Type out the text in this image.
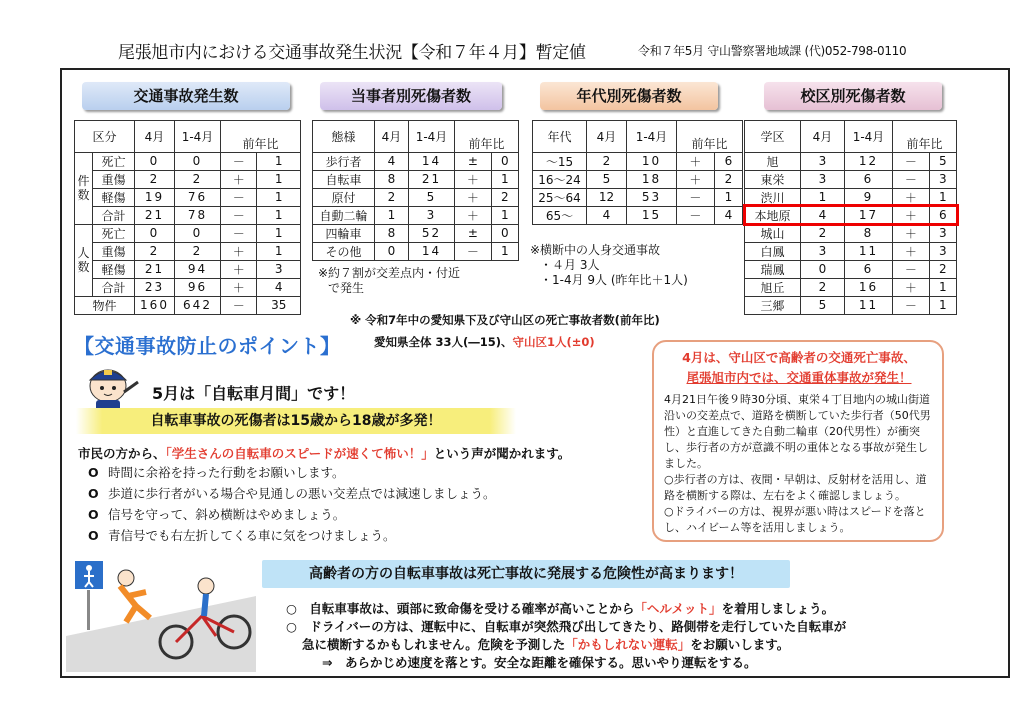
尾張旭市内における交通事故発生状況【令和７年４月】暫定値	令和７年5月 守山警察署地域課 (代)052-798-0110
交通事故発生数	当事者別死傷者数	年代別死傷者数	校区別死傷者数
区分		4月	1-4月		
				前年比	
件数	死亡	0	0	－	1
	重傷	2	2	＋	1
	軽傷	19	76	－	1
	合計	21	78	－	1
人数	死亡	0	0	－	1
	重傷	2	2	＋	1
	軽傷	21	94	＋	3
	合計	23	96	＋	4
物件		160	642	－	35
態様	4月	1-4月		
			前年比	
歩行者	4	14	±	0
自転車	8	21	＋	1
原付	2	5	＋	2
自動二輪	1	3	＋	1
四輪車	8	52	±	0
その他	0	14	－	1
※約７割が交差点内・付近
で発生
年代	4月	1-4月		
			前年比	
～15	2	10	＋	6
16～24	5	18	＋	2
25～64	12	53	－	1
65～	4	15	－	4
※横断中の人身交通事故
・４月 3人
・1-4月 9人 (昨年比＋1人)
学区	4月	1-4月		
			前年比	
旭	3	12	－	5
東栄	3	6	－	3
渋川	1	9	＋	1
本地原	4	17	＋	6
城山	2	8	＋	3
白鳳	3	11	＋	3
瑞鳳	0	6	－	2
旭丘	2	16	＋	1
三郷	5	11	－	1
※ 令和7年中の愛知県下及び守山区の死亡事故者数(前年比)
愛知県全体 33人(―15)、守山区1人(±0)
【交通事故防止のポイント】
5月は「自転車月間」です！
自転車事故の死傷者は15歳から18歳が多発！
市民の方から、「学生さんの自転車のスピードが速くて怖い！」という声が聞かれます。
O 時間に余裕を持った行動をお願いします。
O 歩道に歩行者がいる場合や見通しの悪い交差点では減速しましょう。
O 信号を守って、斜め横断はやめましょう。
O 青信号でも右左折してくる車に気をつけましょう。
4月は、守山区で高齢者の交通死亡事故、
尾張旭市内では、交通重体事故が発生！
4月21日午後９時30分頃、東栄４丁目地内の城山街道沿いの交差点で、道路を横断していた歩行者（50代男性）と直進してきた自動二輪車（20代男性）が衝突し、歩行者の方が意識不明の重体となる事故が発生しました。
○歩行者の方は、夜間・早朝は、反射材を活用し、道路を横断する際は、左右をよく確認しましょう。
○ドライバーの方は、視界が悪い時はスピードを落とし、ハイビーム等を活用しましょう。
高齢者の方の自転車事故は死亡事故に発展する危険性が高まります！
○　自転車事故は、頭部に致命傷を受ける確率が高いことから「ヘルメット」を着用しましょう。
○　ドライバーの方は、運転中に、自転車が突然飛び出してきたり、路側帯を走行していた自転車が
急に横断するかもしれません。危険を予測した「かもしれない運転」をお願いします。
⇒　あらかじめ速度を落とす。安全な距離を確保する。思いやり運転をする。
